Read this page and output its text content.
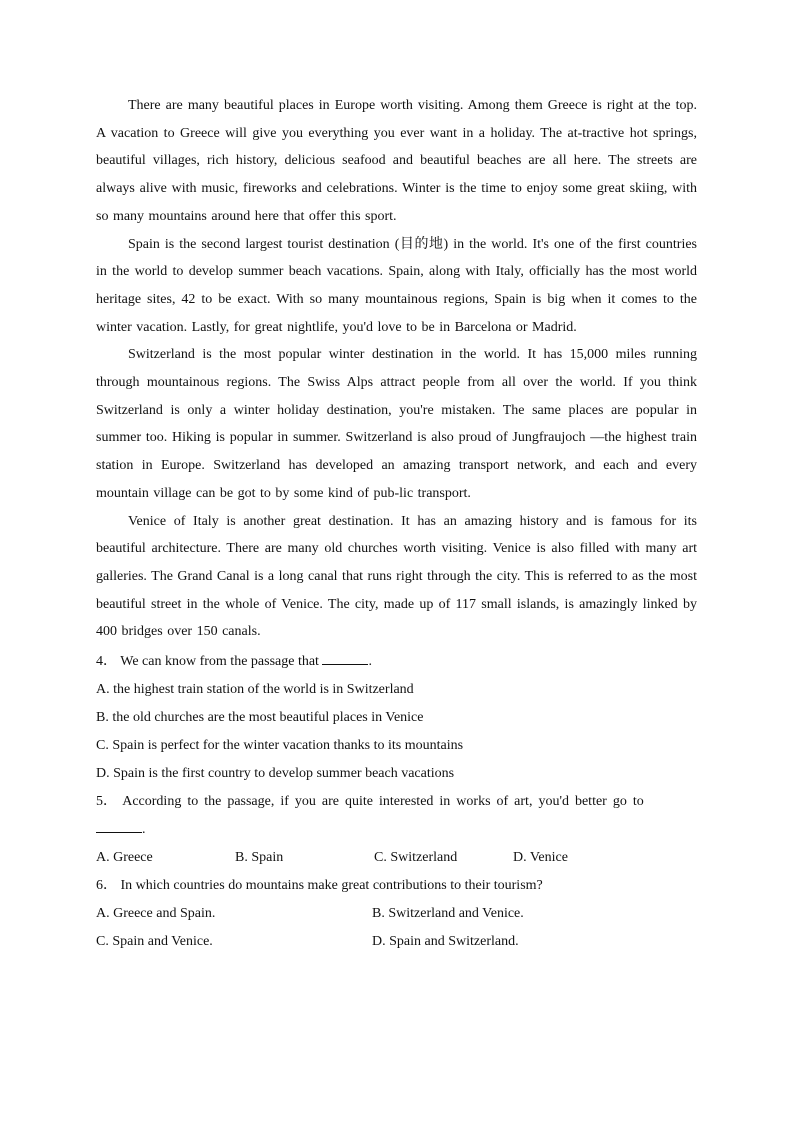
There are many beautiful places in Europe worth visiting. Among them Greece is right at the top. A vacation to Greece will give you everything you ever want in a holiday. The at-tractive hot springs, beautiful villages, rich history, delicious seafood and beautiful beaches are all here. The streets are always alive with music, fireworks and celebrations. Winter is the time to enjoy some great skiing, with so many mountains around here that offer this sport.

Spain is the second largest tourist destination (目的地) in the world. It's one of the first countries in the world to develop summer beach vacations. Spain, along with Italy, officially has the most world heritage sites, 42 to be exact. With so many mountainous regions, Spain is big when it comes to the winter vacation. Lastly, for great nightlife, you'd love to be in Barcelona or Madrid.

Switzerland is the most popular winter destination in the world. It has 15,000 miles running through mountainous regions. The Swiss Alps attract people from all over the world. If you think Switzerland is only a winter holiday destination, you're mistaken. The same places are popular in summer too. Hiking is popular in summer. Switzerland is also proud of Jungfraujoch —the highest train station in Europe. Switzerland has developed an amazing transport network, and each and every mountain village can be got to by some kind of pub-lic transport.

Venice of Italy is another great destination. It has an amazing history and is famous for its beautiful architecture. There are many old churches worth visiting. Venice is also filled with many art galleries. The Grand Canal is a long canal that runs right through the city. This is referred to as the most beautiful street in the whole of Venice. The city, made up of 117 small islands, is amazingly linked by 400 bridges over 150 canals.

4． We can know from the passage that	.

A. the highest train station of the world is in Switzerland

B. the old churches are the most beautiful places in Venice

C. Spain is perfect for the winter vacation thanks to its mountains

D. Spain is the first country to develop summer beach vacations

5． According to the passage, if you are quite interested in works of art, you'd better go to

.

A. Greece	B. Spain	C. Switzerland	D. Venice

6． In which countries do mountains make great contributions to their tourism?

A. Greece and Spain.	B. Switzerland and Venice.
C. Spain and Venice.	D. Spain and Switzerland.
